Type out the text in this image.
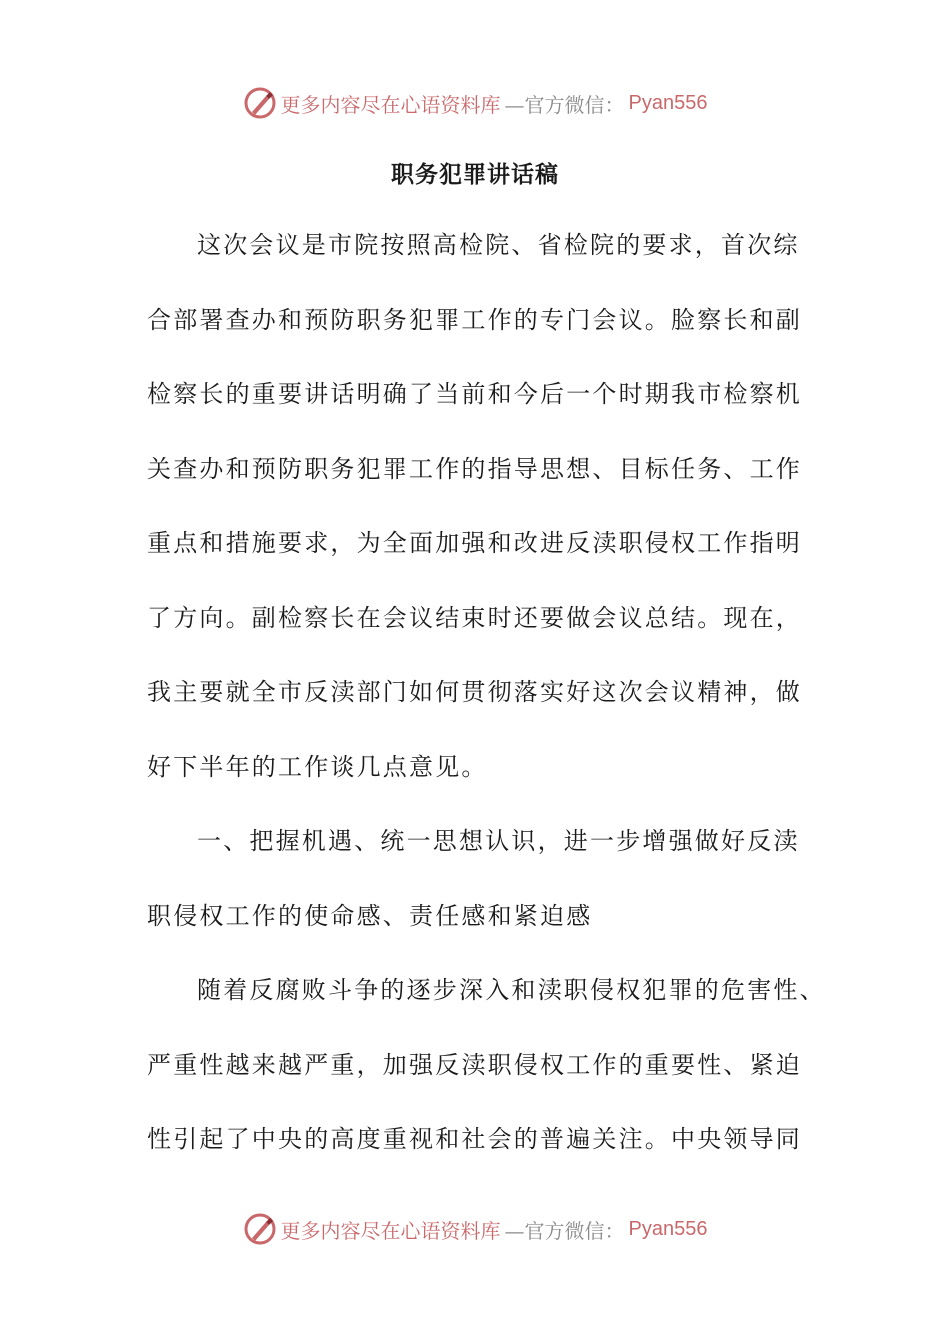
更多内容尽在心语资料库 —官方微信： Pyan556
职务犯罪讲话稿
这次会议是市院按照高检院、省检院的要求，首次综
合部署查办和预防职务犯罪工作的专门会议。脸察长和副
检察长的重要讲话明确了当前和今后一个时期我市检察机
关查办和预防职务犯罪工作的指导思想、目标任务、工作
重点和措施要求，为全面加强和改进反渎职侵权工作指明
了方向。副检察长在会议结束时还要做会议总结。现在，
我主要就全市反渎部门如何贯彻落实好这次会议精神，做
好下半年的工作谈几点意见。
一、把握机遇、统一思想认识，进一步增强做好反渎
职侵权工作的使命感、责任感和紧迫感
随着反腐败斗争的逐步深入和渎职侵权犯罪的危害性、
严重性越来越严重，加强反渎职侵权工作的重要性、紧迫
性引起了中央的高度重视和社会的普遍关注。中央领导同
更多内容尽在心语资料库 —官方微信： Pyan556
